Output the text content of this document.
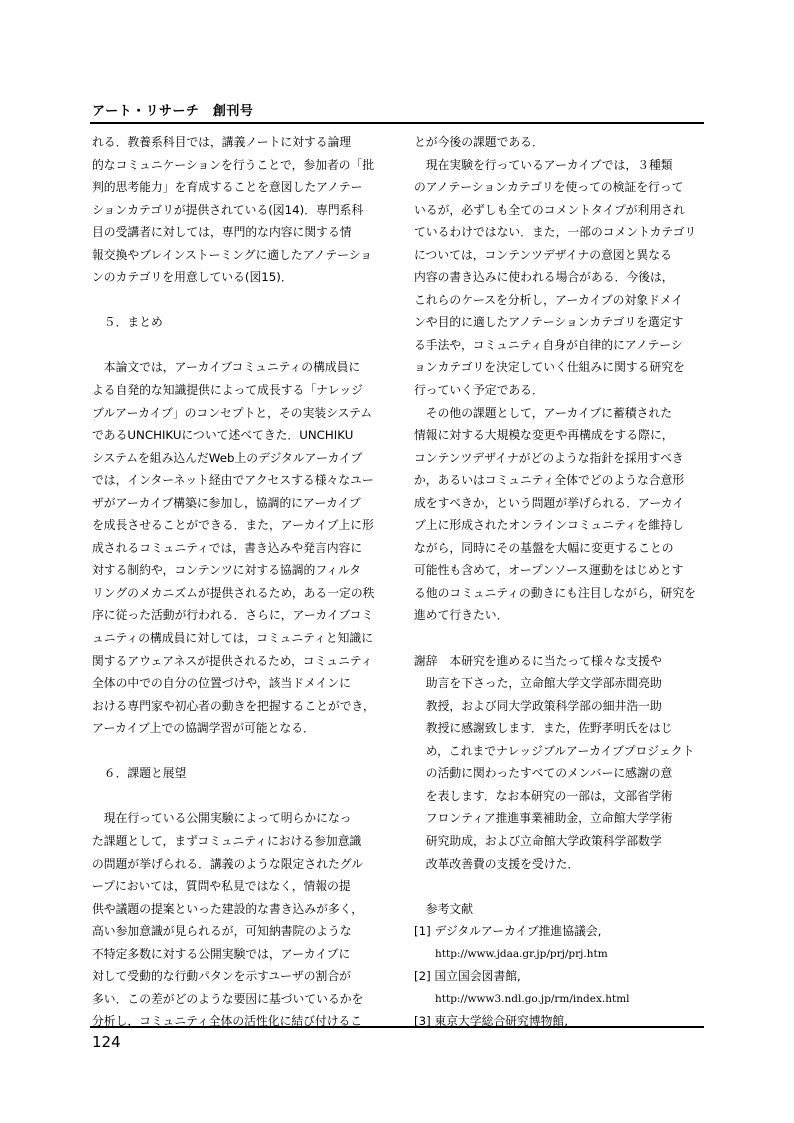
アート・リサーチ　創刊号
れる．教養系科目では，講義ノートに対する論理
的なコミュニケーションを行うことで，参加者の「批
判的思考能力」を育成することを意図したアノテー
ションカテゴリが提供されている(図14)．専門系科
目の受講者に対しては，専門的な内容に関する情
報交換やブレインストーミングに適したアノテーショ
ンのカテゴリを用意している(図15)．
　５．まとめ
　本論文では，アーカイブコミュニティの構成員に
よる自発的な知識提供によって成長する「ナレッジ
ブルアーカイブ」のコンセプトと，その実装システム
であるUNCHIKUについて述べてきた．UNCHIKU
システムを組み込んだWeb上のデジタルアーカイブ
では，インターネット経由でアクセスする様々なユー
ザがアーカイブ構築に参加し，協調的にアーカイブ
を成長させることができる．また，アーカイブ上に形
成されるコミュニティでは，書き込みや発言内容に
対する制約や，コンテンツに対する協調的フィルタ
リングのメカニズムが提供されるため，ある一定の秩
序に従った活動が行われる．さらに，アーカイブコミ
ュニティの構成員に対しては，コミュニティと知識に
関するアウェアネスが提供されるため，コミュニティ
全体の中での自分の位置づけや，該当ドメインに
おける専門家や初心者の動きを把握することができ，
アーカイブ上での協調学習が可能となる．
　６．課題と展望
　現在行っている公開実験によって明らかになっ
た課題として，まずコミュニティにおける参加意識
の問題が挙げられる．講義のような限定されたグル
ープにおいては，質問や私見ではなく，情報の提
供や議題の提案といった建設的な書き込みが多く，
高い参加意識が見られるが，可知納書院のような
不特定多数に対する公開実験では，アーカイブに
対して受動的な行動パタンを示すユーザの割合が
多い．この差がどのような要因に基づいているかを
分析し，コミュニティ全体の活性化に結び付けるこ
とが今後の課題である．
　現在実験を行っているアーカイブでは，３種類
のアノテーションカテゴリを使っての検証を行って
いるが，必ずしも全てのコメントタイプが利用され
ているわけではない．また，一部のコメントカテゴリ
については，コンテンツデザイナの意図と異なる
内容の書き込みに使われる場合がある．今後は，
これらのケースを分析し，アーカイブの対象ドメイ
ンや目的に適したアノテーションカテゴリを選定す
る手法や，コミュニティ自身が自律的にアノテーシ
ョンカテゴリを決定していく仕組みに関する研究を
行っていく予定である．
　その他の課題として，アーカイブに蓄積された
情報に対する大規模な変更や再構成をする際に，
コンテンツデザイナがどのような指針を採用すべき
か，あるいはコミュニティ全体でどのような合意形
成をすべきか，という問題が挙げられる．アーカイ
ブ上に形成されたオンラインコミュニティを維持し
ながら，同時にその基盤を大幅に変更することの
可能性も含めて，オープンソース運動をはじめとす
る他のコミュニティの動きにも注目しながら，研究を
進めて行きたい．
謝辞　本研究を進めるに当たって様々な支援や
　助言を下さった，立命館大学文学部赤間亮助
　教授，および同大学政策科学部の細井浩一助
　教授に感謝致します．また，佐野孝明氏をはじ
　め，これまでナレッジブルアーカイブプロジェクト
　の活動に関わったすべてのメンバーに感謝の意
　を表します．なお本研究の一部は，文部省学術
　フロンティア推進事業補助金，立命館大学学術
　研究助成，および立命館大学政策科学部数学
　改革改善費の支援を受けた．
　参考文献
[1] デジタルアーカイブ推進協議会,
　　http://www.jdaa.gr.jp/prj/prj.htm
[2] 国立国会図書館,
　　http://www3.ndl.go.jp/rm/index.html
[3] 東京大学総合研究博物館,
124
